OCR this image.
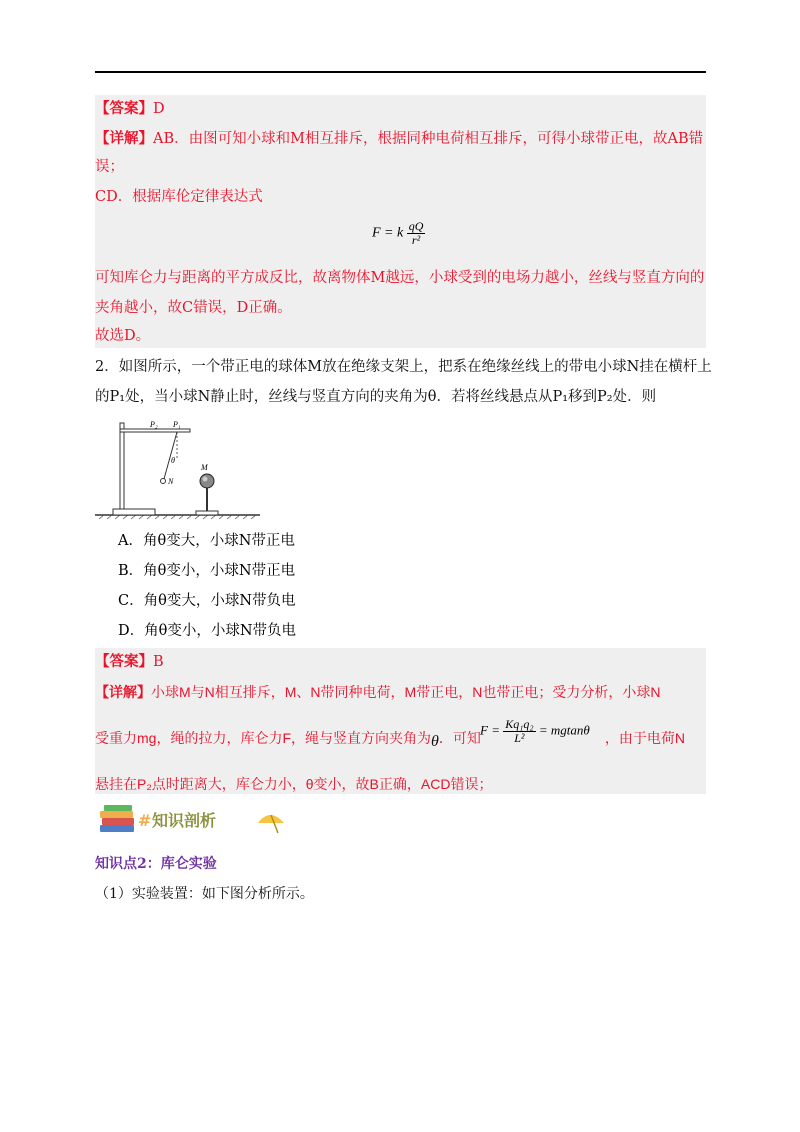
【答案】D
【详解】AB．由图可知小球和M相互排斥，根据同种电荷相互排斥，可得小球带正电，故AB错
误；
CD．根据库伦定律表达式
F = k $\frac{qQ}{\text{r²}}$
可知库仑力与距离的平方成反比，故离物体M越远，小球受到的电场力越小，丝线与竖直方向的
夹角越小，故C错误，D正确。
故选D。
2．如图所示，一个带正电的球体M放在绝缘支架上，把系在绝缘丝线上的带电小球N挂在横杆上
的P₁处，当小球N静止时，丝线与竖直方向的夹角为θ．若将丝线悬点从P₁移到P₂处．则
P₂ P₁
θ
N
M
A．角θ变大，小球N带正电
B．角θ变小，小球N带正电
C．角θ变大，小球N带负电
D．角θ变小，小球N带负电
【答案】B
【详解】小球M与N相互排斥，M、N带同种电荷，M带正电，N也带正电；受力分析，小球N
受重力mg，绳的拉力，库仑力F，绳与竖直方向夹角为θ．可知	，由于电荷N
$F = \frac{\text{Kq₁q₂}}{\text{L²}} = mgtan\theta$
悬挂在P₂点时距离大，库仑力小，θ变小，故B正确，ACD错误；
# 知识剖析
知识点2：库仑实验
（1）实验装置：如下图分析所示。
